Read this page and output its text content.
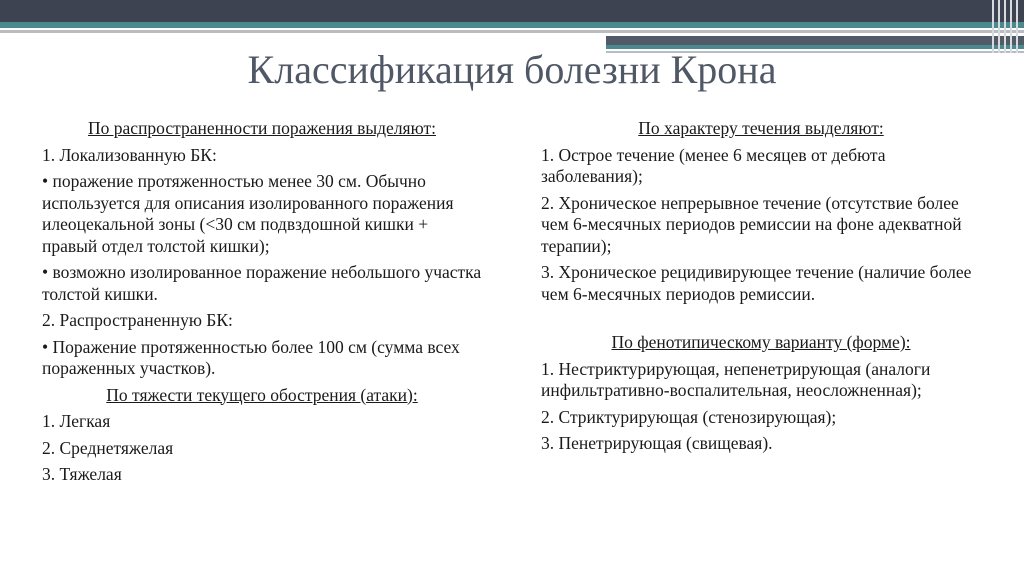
Классификация болезни Крона

По распространенности поражения выделяют:

1. Локализованную БК:

• поражение протяженностью менее 30 см. Обычно используется для описания изолированного поражения илеоцекальной зоны (<30 см подвздошной кишки + правый отдел толстой кишки);

• возможно изолированное поражение небольшого участка толстой кишки.

2. Распространенную БК:

• Поражение протяженностью более 100 см (сумма всех пораженных участков).

По тяжести текущего обострения (атаки):

1. Легкая

2. Среднетяжелая

3. Тяжелая

По характеру течения выделяют:

1. Острое течение (менее 6 месяцев от дебюта заболевания);

2. Хроническое непрерывное течение (отсутствие более чем 6-месячных периодов ремиссии на фоне адекватной терапии);

3. Хроническое рецидивирующее течение (наличие более чем 6-месячных периодов ремиссии.

По фенотипическому варианту (форме):

1. Нестриктурирующая, непенетрирующая (аналоги инфильтративно-воспалительная, неосложненная);

2. Стриктурирующая (стенозирующая);

3. Пенетрирующая (свищевая).
